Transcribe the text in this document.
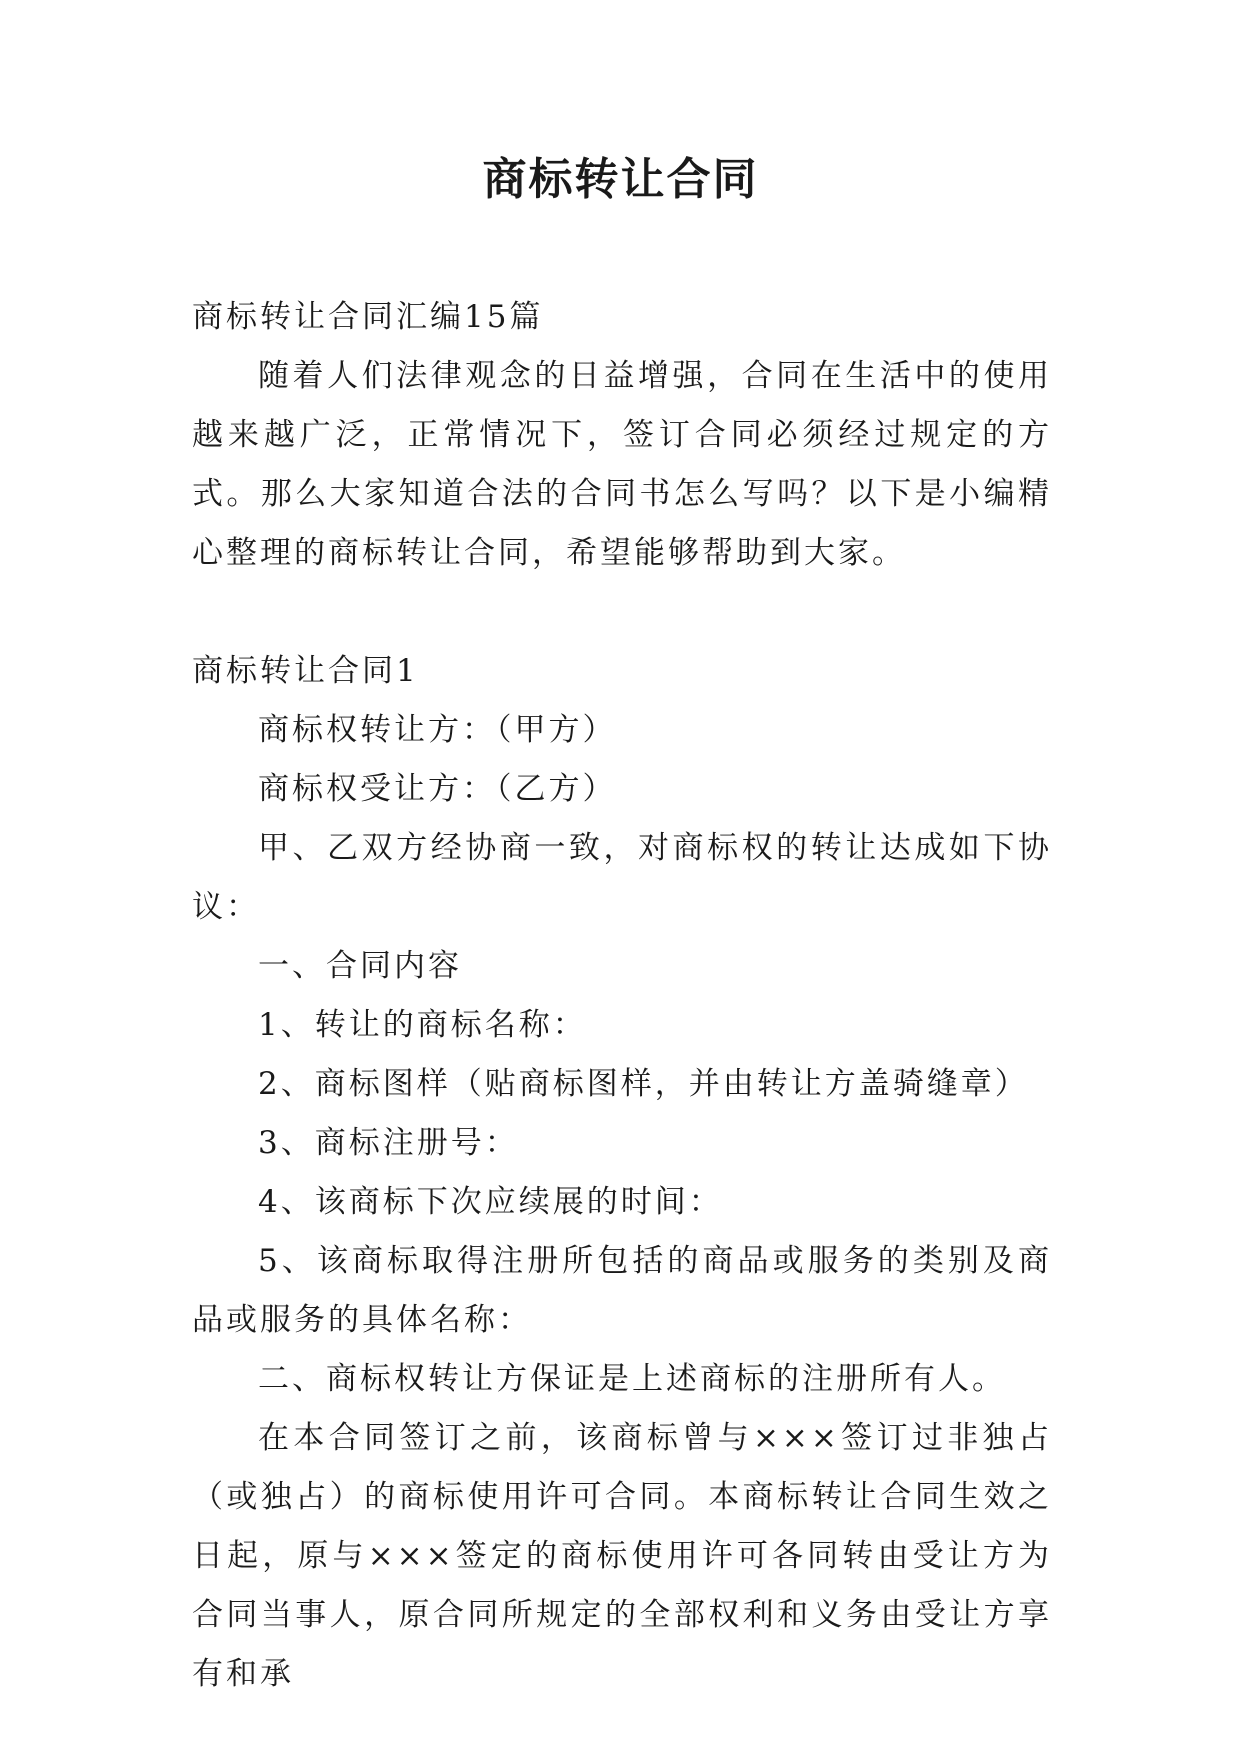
商标转让合同

商标转让合同汇编15篇

随着人们法律观念的日益增强，合同在生活中的使用越来越广泛，正常情况下，签订合同必须经过规定的方式。那么大家知道合法的合同书怎么写吗？以下是小编精心整理的商标转让合同，希望能够帮助到大家。

商标转让合同1

商标权转让方：（甲方）

商标权受让方：（乙方）

甲、乙双方经协商一致，对商标权的转让达成如下协议：

一、合同内容

1、转让的商标名称：

2、商标图样（贴商标图样，并由转让方盖骑缝章）

3、商标注册号：

4、该商标下次应续展的时间：

5、该商标取得注册所包括的商品或服务的类别及商品或服务的具体名称：

二、商标权转让方保证是上述商标的注册所有人。

在本合同签订之前，该商标曾与×××签订过非独占（或独占）的商标使用许可合同。本商标转让合同生效之日起，原与×××签定的商标使用许可各同转由受让方为合同当事人，原合同所规定的全部权利和义务由受让方享有和承
